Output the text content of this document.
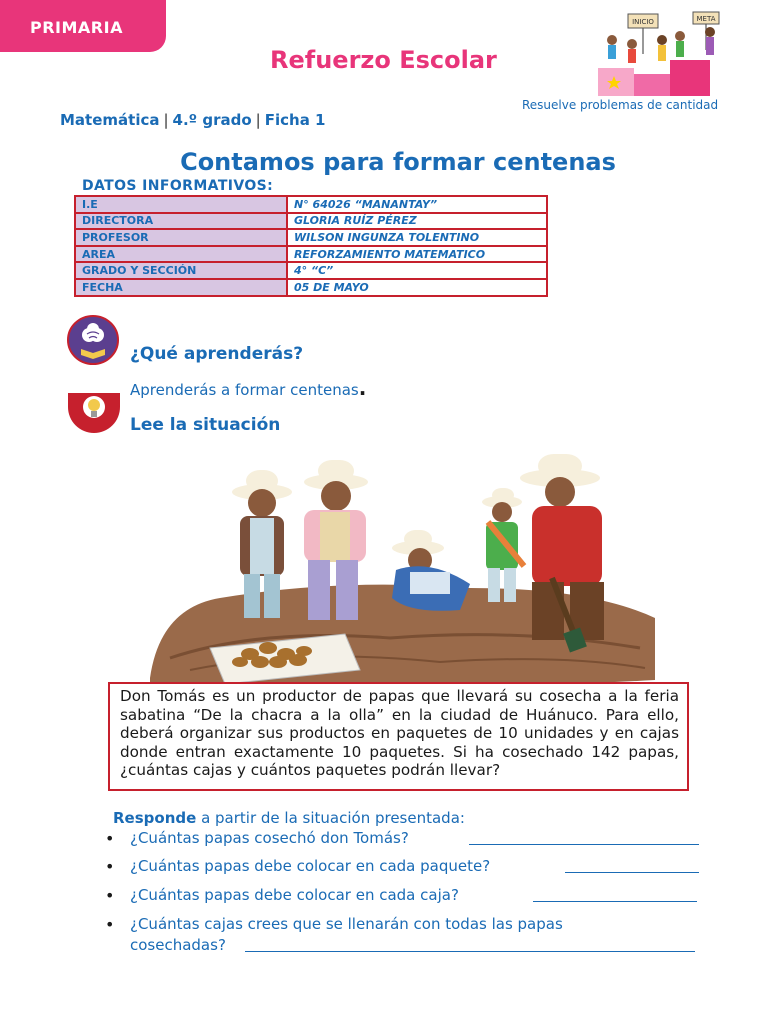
PRIMARIA
Refuerzo Escolar
INICIO	META
Matemática | 4.º grado | Ficha 1
Resuelve problemas de cantidad
Contamos para formar centenas
DATOS INFORMATIVOS:
I.E	N° 64026 “MANANTAY”
DIRECTORA	GLORIA RUÍZ PÉREZ
PROFESOR	WILSON INGUNZA TOLENTINO
AREA	REFORZAMIENTO MATEMATICO
GRADO Y SECCIÓN	4° “C”
FECHA	05 DE MAYO
¿Qué aprenderás?
Aprenderás a formar centenas.
Lee la situación
Don Tomás es un productor de papas que llevará su cosecha a la feria sabatina “De la chacra a la olla” en la ciudad de Huánuco. Para ello, deberá organizar sus productos en paquetes de 10 unidades y en cajas donde entran exactamente 10 paquetes. Si ha cosechado 142 papas, ¿cuántas cajas y cuántos paquetes podrán llevar?
Responde a partir de la situación presentada:
• ¿Cuántas papas cosechó don Tomás?
• ¿Cuántas papas debe colocar en cada paquete?
• ¿Cuántas papas debe colocar en cada caja?
• ¿Cuántas cajas crees que se llenarán con todas las papas
cosechadas?
